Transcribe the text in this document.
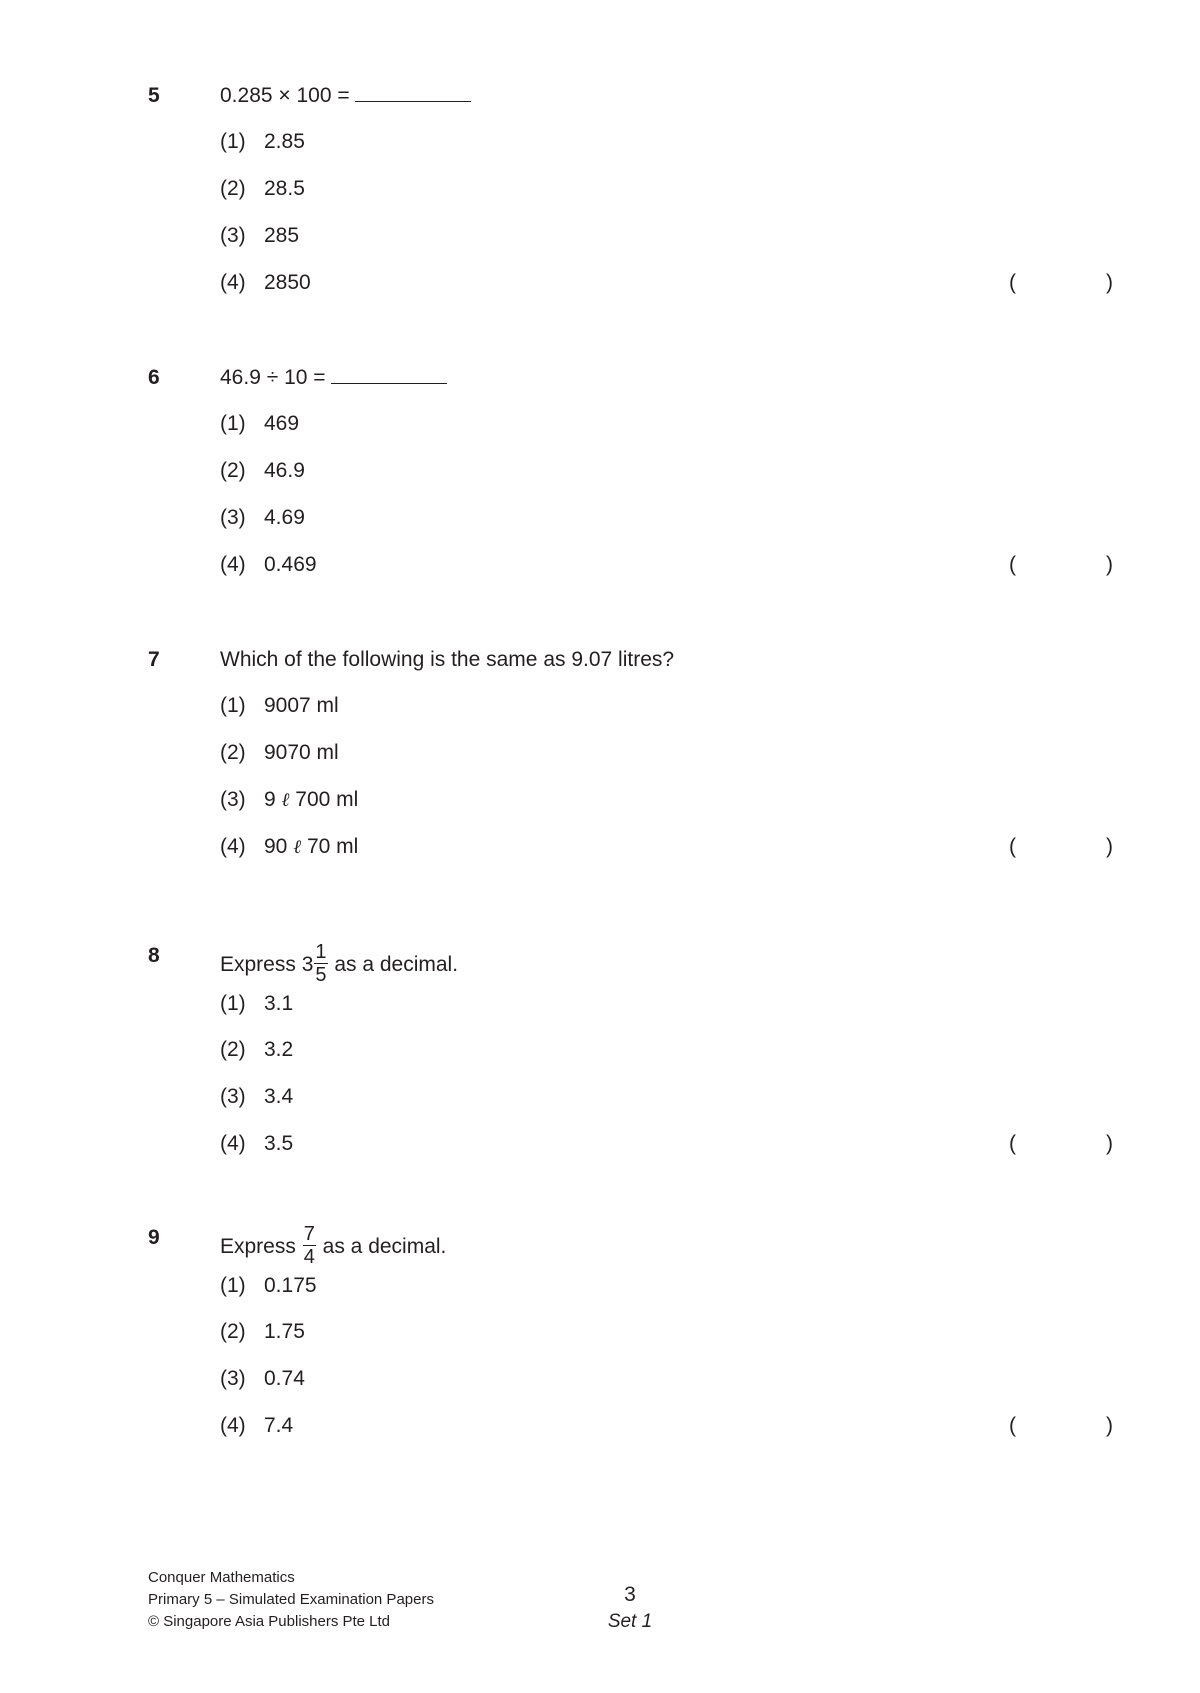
5	0.285 × 100 =
(1) 2.85
(2) 28.5
(3) 285
(4) 2850	(	)
6	46.9 ÷ 10 =
(1) 469
(2) 46.9
(3) 4.69
(4) 0.469	(	)
7	Which of the following is the same as 9.07 litres?
(1) 9007 ml
(2) 9070 ml
(3) 9 ℓ 700 ml
(4) 90 ℓ 70 ml	(	)
8	Express $3 \frac{1}{5}$ as a decimal.
(1) 3.1
(2) 3.2
(3) 3.4
(4) 3.5	(	)
9	Express $\frac{7}{4}$ as a decimal.
(1) 0.175
(2) 1.75
(3) 0.74
(4) 7.4	(	)
Conquer Mathematics
Primary 5 – Simulated Examination Papers
© Singapore Asia Publishers Pte Ltd
3
Set 1
